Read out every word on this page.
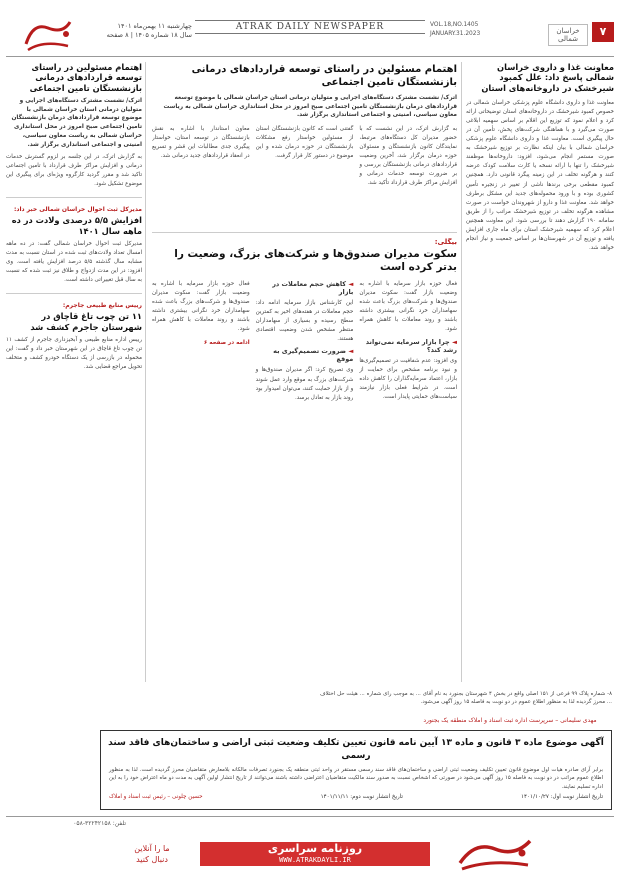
۷
خراسان شمالی
VOL.18,NO.1405
JANUARY.31.2023
ATRAK DAILY NEWSPAPER
چهارشنبه ۱۱ بهمن‌ماه ۱۴۰۱
سال ۱۸ شماره ۱۴۰۵ | ۸ صفحه
معاونت غذا و داروی خراسان شمالی پاسخ داد: علل کمبود شیرخشک در داروخانه‌های استان
معاونت غذا و داروی دانشگاه علوم پزشکی خراسان شمالی در خصوص کمبود شیرخشک در داروخانه‌های استان توضیحاتی ارائه کرد و اعلام نمود که توزیع این اقلام بر اساس سهمیه ابلاغی صورت می‌گیرد و با هماهنگی شرکت‌های پخش، تأمین آن در حال پیگیری است. معاونت غذا و داروی دانشگاه علوم پزشکی خراسان شمالی با بیان اینکه نظارت بر توزیع شیرخشک به صورت مستمر انجام می‌شود، افزود: داروخانه‌ها موظفند شیرخشک را تنها با ارائه نسخه یا کارت سلامت کودک عرضه کنند و هرگونه تخلف در این زمینه پیگرد قانونی دارد. همچنین کمبود مقطعی برخی برندها ناشی از تغییر در زنجیره تأمین کشوری بوده و با ورود محموله‌های جدید این مشکل برطرف خواهد شد. معاونت غذا و دارو از شهروندان خواست در صورت مشاهده هرگونه تخلف در توزیع شیرخشک مراتب را از طریق سامانه ۱۹۰ گزارش دهند تا بررسی شود. این معاونت همچنین اعلام کرد که سهمیه شیرخشک استان برای ماه جاری افزایش یافته و توزیع آن در شهرستان‌ها بر اساس جمعیت و نیاز انجام خواهد شد.
اهتمام مسئولین در راستای توسعه قراردادهای درمانی بازنشستگان تامین اجتماعی
اترک/ نشست مشترک دستگاه‌های اجرایی و متولیان درمانی استان خراسان شمالی با موضوع توسعه قراردادهای درمان بازنشستگان تامین اجتماعی صبح امروز در محل استانداری خراسان شمالی به ریاست معاون سیاسی، امنیتی و اجتماعی استانداری برگزار شد.
به گزارش اترک، در این نشست که با حضور مدیران کل دستگاه‌های مرتبط، نمایندگان کانون بازنشستگان و مسئولان حوزه درمان برگزار شد، آخرین وضعیت قراردادهای درمانی بازنشستگان بررسی و بر ضرورت توسعه خدمات درمانی و افزایش مراکز طرف قرارداد تأکید شد.
گفتنی است که کانون بازنشستگان استان از مسئولین خواستار رفع مشکلات بازنشستگان در حوزه درمان شده و این موضوع در دستور کار قرار گرفت.
معاون استاندار با اشاره به نقش بازنشستگان در توسعه استان، خواستار پیگیری جدی مطالبات این قشر و تسریع در انعقاد قراردادهای جدید درمانی شد.
بیگلی:
سکوت مدیران صندوق‌ها و شرکت‌های بزرگ، وضعیت را بدتر کرده است
فعال حوزه بازار سرمایه با اشاره به وضعیت بازار گفت: سکوت مدیران صندوق‌ها و شرکت‌های بزرگ باعث شده سهامداران خرد نگرانی بیشتری داشته باشند و روند معاملات با کاهش همراه شود.
◄ چرا بازار سرمایه نمی‌تواند رشد کند؟
وی افزود: عدم شفافیت در تصمیم‌گیری‌ها و نبود برنامه مشخص برای حمایت از بازار، اعتماد سرمایه‌گذاران را کاهش داده است. در شرایط فعلی بازار نیازمند سیاست‌های حمایتی پایدار است.
◄ کاهش حجم معاملات در بازار
این کارشناس بازار سرمایه ادامه داد: حجم معاملات در هفته‌های اخیر به کمترین سطح رسیده و بسیاری از سهامداران منتظر مشخص شدن وضعیت اقتصادی هستند.
◄ ضرورت تصمیم‌گیری به موقع
وی تصریح کرد: اگر مدیران صندوق‌ها و شرکت‌های بزرگ به موقع وارد عمل شوند و از بازار حمایت کنند، می‌توان امیدوار بود روند بازار به تعادل برسد.
فعال حوزه بازار سرمایه با اشاره به وضعیت بازار گفت: سکوت مدیران صندوق‌ها و شرکت‌های بزرگ باعث شده سهامداران خرد نگرانی بیشتری داشته باشند و روند معاملات با کاهش همراه شود.
ادامه در صفحه ۶
اهتمام مسئولین در راستای توسعه قراردادهای درمانی بازنشستگان تامین اجتماعی
اترک/ نشست مشترک دستگاه‌های اجرایی و متولیان درمانی استان خراسان شمالی با موضوع توسعه قراردادهای درمان بازنشستگان تامین اجتماعی صبح امروز در محل استانداری خراسان شمالی به ریاست معاون سیاسی، امنیتی و اجتماعی استانداری برگزار شد.
به گزارش اترک، در این جلسه بر لزوم گسترش خدمات درمانی و افزایش مراکز طرف قرارداد با تامین اجتماعی تاکید شد و مقرر گردید کارگروه ویژه‌ای برای پیگیری این موضوع تشکیل شود.
مدیرکل ثبت احوال خراسان شمالی خبر داد:
افزایش ۵/۵ درصدی ولادت در ده ماهه سال ۱۴۰۱
مدیرکل ثبت احوال خراسان شمالی گفت: در ده ماهه امسال تعداد ولادت‌های ثبت شده در استان نسبت به مدت مشابه سال گذشته ۵/۵ درصد افزایش یافته است. وی افزود: در این مدت ازدواج و طلاق نیز ثبت شده که نسبت به سال قبل تغییراتی داشته است.
رییس منابع طبیعی جاجرم:
۱۱ تن چوب تاغ قاچاق در شهرستان جاجرم کشف شد
رییس اداره منابع طبیعی و آبخیزداری جاجرم از کشف ۱۱ تن چوب تاغ قاچاق در این شهرستان خبر داد و گفت: این محموله در بازرسی از یک دستگاه خودرو کشف و متخلف تحویل مراجع قضایی شد.
۸- شماره پلاک ۹۹ فرعی از ۱۵۱ اصلی واقع در بخش ۴ شهرستان بجنورد به نام آقای ... به موجب رای شماره ... هیئت حل اختلاف ... محرز گردیده لذا به منظور اطلاع عموم در دو نوبت به فاصله ۱۵ روز آگهی می‌شود.
مهدی سلیمانی – سرپرست اداره ثبت اسناد و املاک منطقه یک بجنورد
آگهی موضوع ماده ۳ قانون و ماده ۱۳ آیین نامه قانون تعیین تکلیف وضعیت ثبتی اراضی و ساختمان‌های فاقد سند رسمی
برابر آرای صادره هیات اول موضوع قانون تعیین تکلیف وضعیت ثبتی اراضی و ساختمان‌های فاقد سند رسمی مستقر در واحد ثبتی منطقه یک بجنورد تصرفات مالکانه بلامعارض متقاضیان محرز گردیده است. لذا به منظور اطلاع عموم مراتب در دو نوبت به فاصله ۱۵ روز آگهی می‌شود در صورتی که اشخاص نسبت به صدور سند مالکیت متقاضیان اعتراضی داشته باشند می‌توانند از تاریخ انتشار اولین آگهی به مدت دو ماه اعتراض خود را به این اداره تسلیم نمایند.
تاریخ انتشار نوبت اول: ۱۴۰۱/۱۰/۲۷
تاریخ انتشار نوبت دوم: ۱۴۰۱/۱۱/۱۱
حسین چلونی – رئیس ثبت اسناد و املاک
تلفن: ۳۲۲۴۲۱۵۸-۰۵۸
روزنامه سراسری
WWW.ATRAKDAYLI.IR
ما را آنلاین
دنبال کنید
